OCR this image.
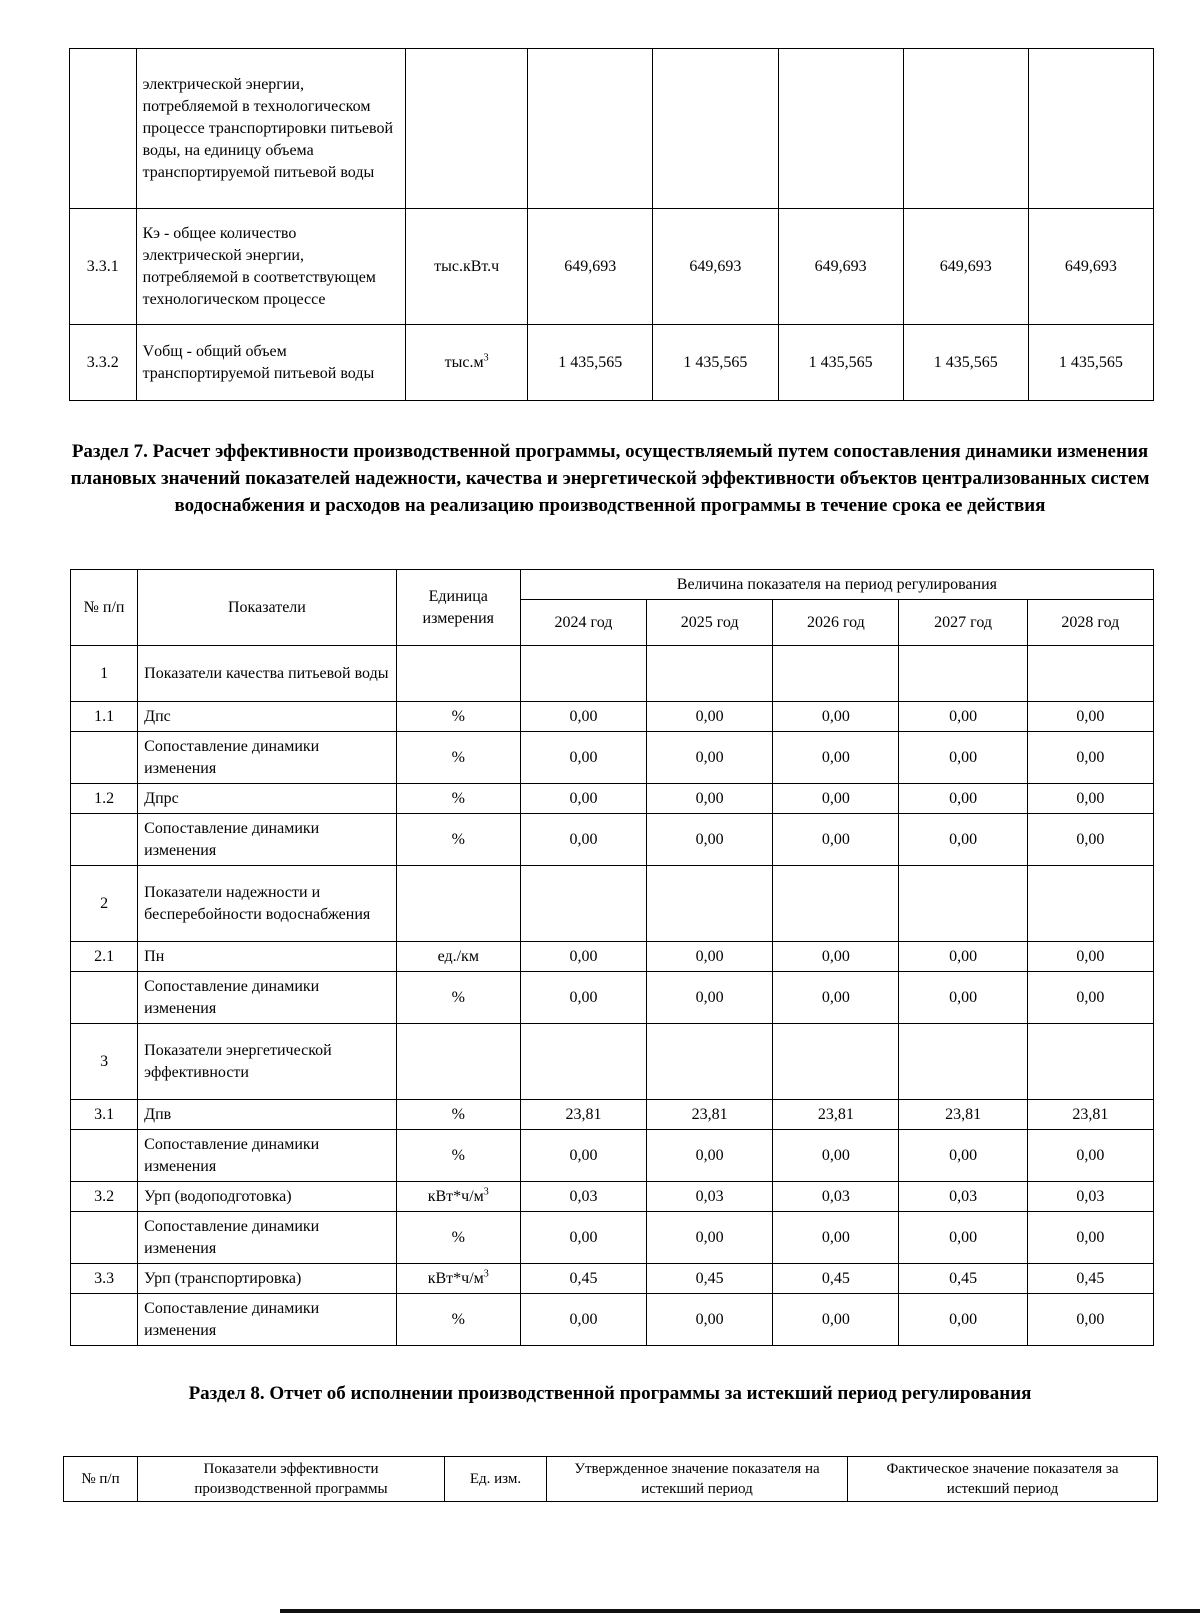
	электрической энергии, потребляемой в технологическом процессе транспортировки питьевой воды, на единицу объема транспортируемой питьевой воды						
3.3.1	Кэ - общее количество электрической энергии, потребляемой в соответствующем технологическом процессе	тыс.кВт.ч	649,693	649,693	649,693	649,693	649,693
3.3.2	Vобщ - общий объем транспортируемой питьевой воды	$тыс.м^3$	1 435,565	1 435,565	1 435,565	1 435,565	1 435,565
Раздел 7. Расчет эффективности производственной программы, осуществляемый путем сопоставления динамики изменения плановых значений показателей надежности, качества и энергетической эффективности объектов централизованных систем водоснабжения и расходов на реализацию производственной программы в течение срока ее действия
№ п/п	Показатели	Единица измерения	Величина показателя на период регулирования				
			2024 год	2025 год	2026 год	2027 год	2028 год
1	Показатели качества питьевой воды						
1.1	Дпс	%	0,00	0,00	0,00	0,00	0,00
	Сопоставление динамики изменения	%	0,00	0,00	0,00	0,00	0,00
1.2	Дпрс	%	0,00	0,00	0,00	0,00	0,00
	Сопоставление динамики изменения	%	0,00	0,00	0,00	0,00	0,00
2	Показатели надежности и бесперебойности водоснабжения						
2.1	Пн	ед./км	0,00	0,00	0,00	0,00	0,00
	Сопоставление динамики изменения	%	0,00	0,00	0,00	0,00	0,00
3	Показатели энергетической эффективности						
3.1	Дпв	%	23,81	23,81	23,81	23,81	23,81
	Сопоставление динамики изменения	%	0,00	0,00	0,00	0,00	0,00
3.2	Урп (водоподготовка)	$кВт*ч/м^3$	0,03	0,03	0,03	0,03	0,03
	Сопоставление динамики изменения	%	0,00	0,00	0,00	0,00	0,00
3.3	Урп (транспортировка)	$кВт*ч/м^3$	0,45	0,45	0,45	0,45	0,45
	Сопоставление динамики изменения	%	0,00	0,00	0,00	0,00	0,00
Раздел 8. Отчет об исполнении производственной программы за истекший период регулирования
№ п/п	Показатели эффективности производственной программы	Ед. изм.	Утвержденное значение показателя на истекший период	Фактическое значение показателя за истекший период
